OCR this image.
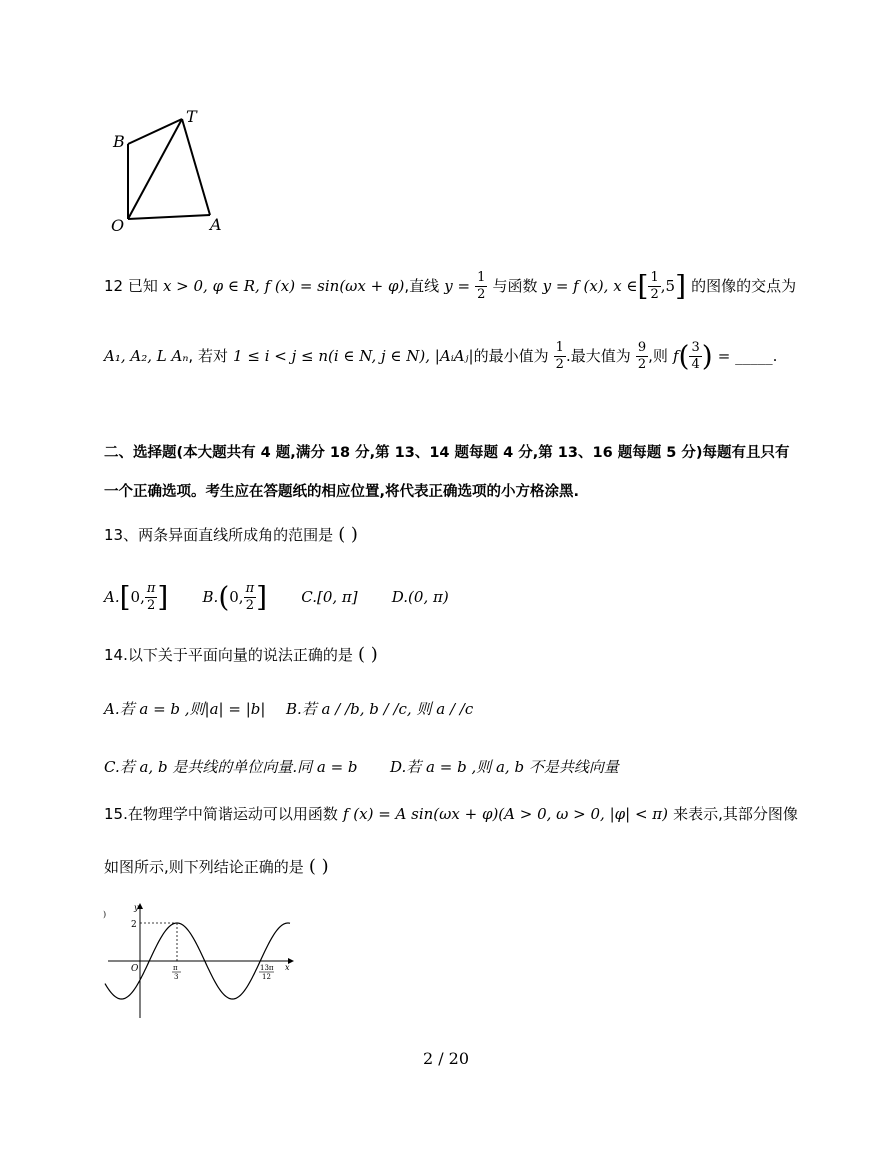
B
T
O	A
12 已知 x > 0, φ ∈ R, f (x) = sin(ωx + φ),直线 $y = \frac{1}{2}$ 与函数 y = f (x), x ∈[ $\frac{1}{2} ,5$] 的图像的交点为
A₁, A₂, L Aₙ, 若对 1 ≤ i < j ≤ n(i ∈ N, j ∈ N), |AᵢAⱼ|的最小值为 $\frac{1}{2}$ .最大值为 $\frac{9}{2}$ ,则 $f( \frac{3}{4}$ ) = _____.
二、选择题(本大题共有 4 题,满分 18 分,第 13、14 题每题 4 分,第 13、16 题每题 5 分)每题有且只有
一个正确选项。考生应在答题纸的相应位置,将代表正确选项的小方格涂黑.
13、两条异面直线所成角的范围是 ( )
A.[0, $\frac{\pi}{2}$ ] B.(0, $\frac{\pi}{2}$ ] C.[0, π] D.(0, π)
14.以下关于平面向量的说法正确的是 ( )
A.若 a = b ,则|a| = |b| B.若 a / /b, b / /c, 则 a / /c
C.若 a, b 是共线的单位向量.同 a = b D.若 a = b ,则 a, b 不是共线向量
15.在物理学中简谐运动可以用函数 f (x) = A sin(ωx + φ)(A > 0, ω > 0, |φ| < π) 来表示,其部分图像
如图所示,则下列结论正确的是 ( )
y
x
2
O	π
3
13π
12
)
2 / 20
